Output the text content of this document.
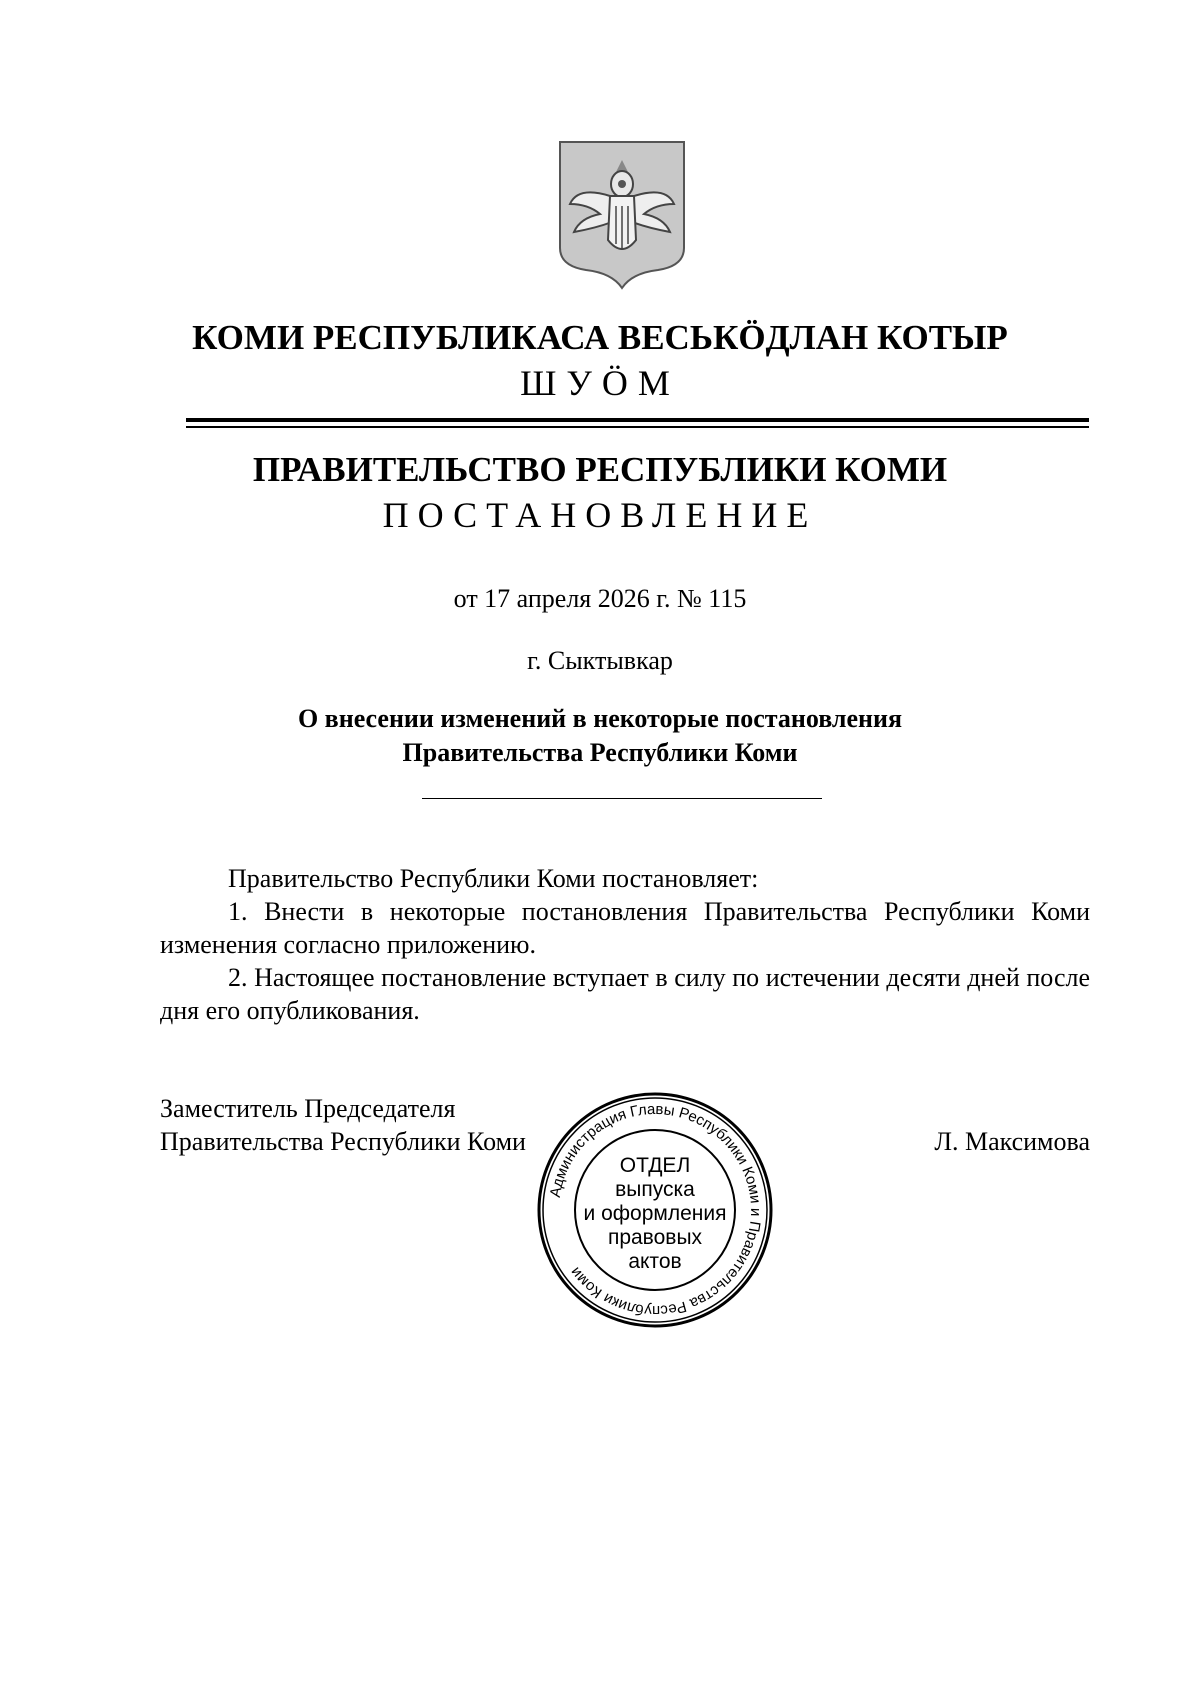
КОМИ РЕСПУБЛИКАСА ВЕСЬКӦДЛАН КОТЫР
ШУӦМ
ПРАВИТЕЛЬСТВО РЕСПУБЛИКИ КОМИ
ПОСТАНОВЛЕНИЕ
от 17 апреля 2026 г. № 115
г. Сыктывкар
О внесении изменений в некоторые постановления
Правительства Республики Коми
Правительство Республики Коми постановляет:
1. Внести в некоторые постановления Правительства Республики Коми изменения согласно приложению.
2. Настоящее постановление вступает в силу по истечении десяти дней после дня его опубликования.
Заместитель Председателя
Правительства Республики Коми	Л. Максимова
Администрация Главы Республики Коми и Правительства Республики Коми
ОТДЕЛ
выпуска
и оформления
правовых
актов
